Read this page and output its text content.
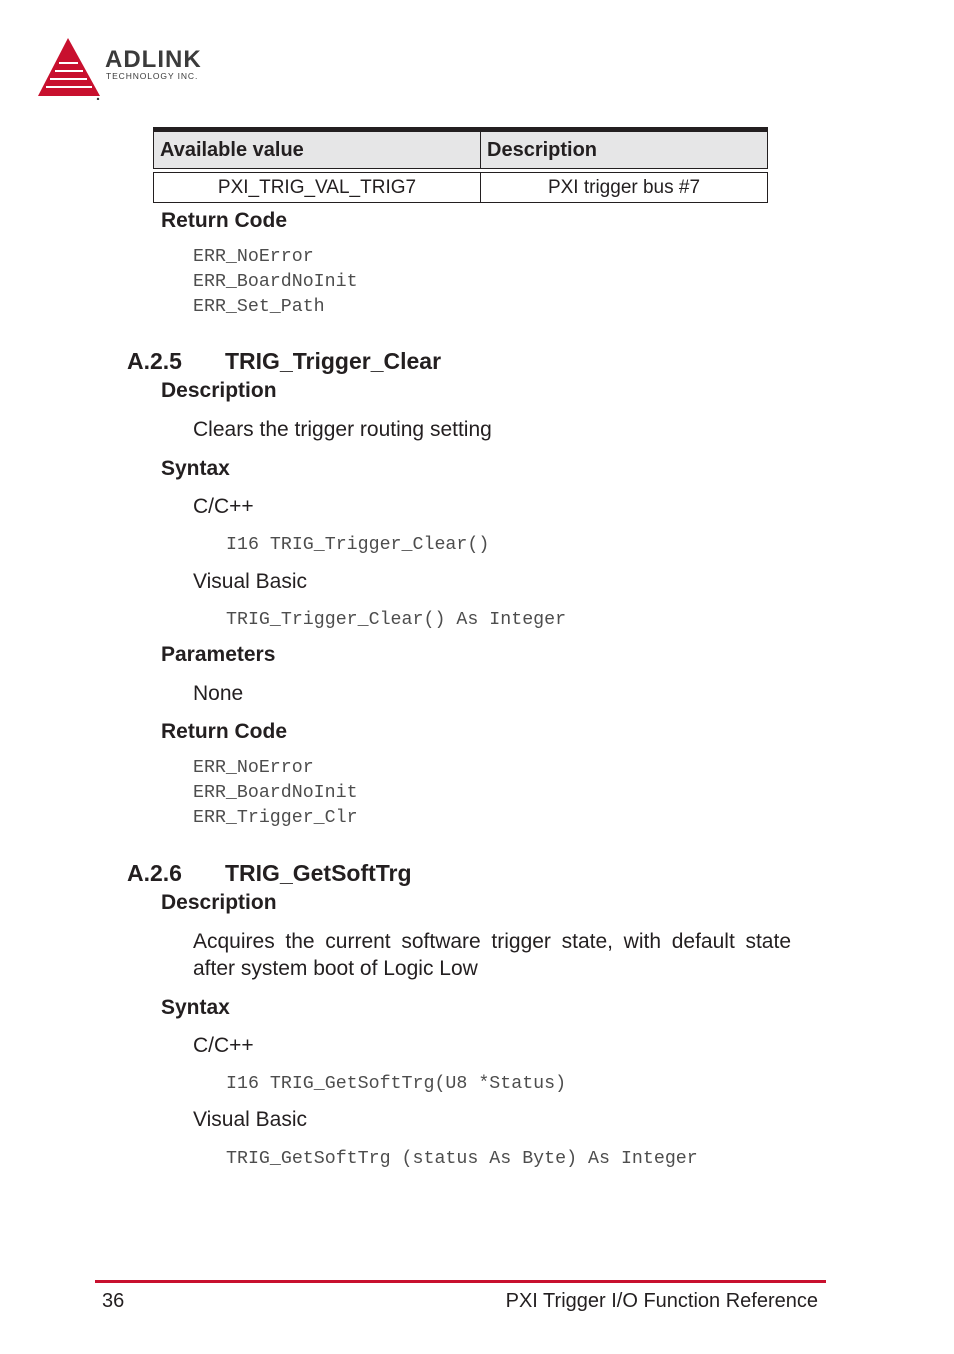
ADLINK
TECHNOLOGY INC.
Available value	Description
PXI_TRIG_VAL_TRIG7	PXI trigger bus #7
Return Code
ERR_NoError
ERR_BoardNoInit
ERR_Set_Path
A.2.5 TRIG_Trigger_Clear
Description
Clears the trigger routing setting
Syntax
C/C++
I16 TRIG_Trigger_Clear()
Visual Basic
TRIG_Trigger_Clear() As Integer
Parameters
None
Return Code
ERR_NoError
ERR_BoardNoInit
ERR_Trigger_Clr
A.2.6 TRIG_GetSoftTrg
Description
Acquires the current software trigger state, with default state after system boot of Logic Low
Syntax
C/C++
I16 TRIG_GetSoftTrg(U8 *Status)
Visual Basic
TRIG_GetSoftTrg (status As Byte) As Integer
36	PXI Trigger I/O Function Reference
